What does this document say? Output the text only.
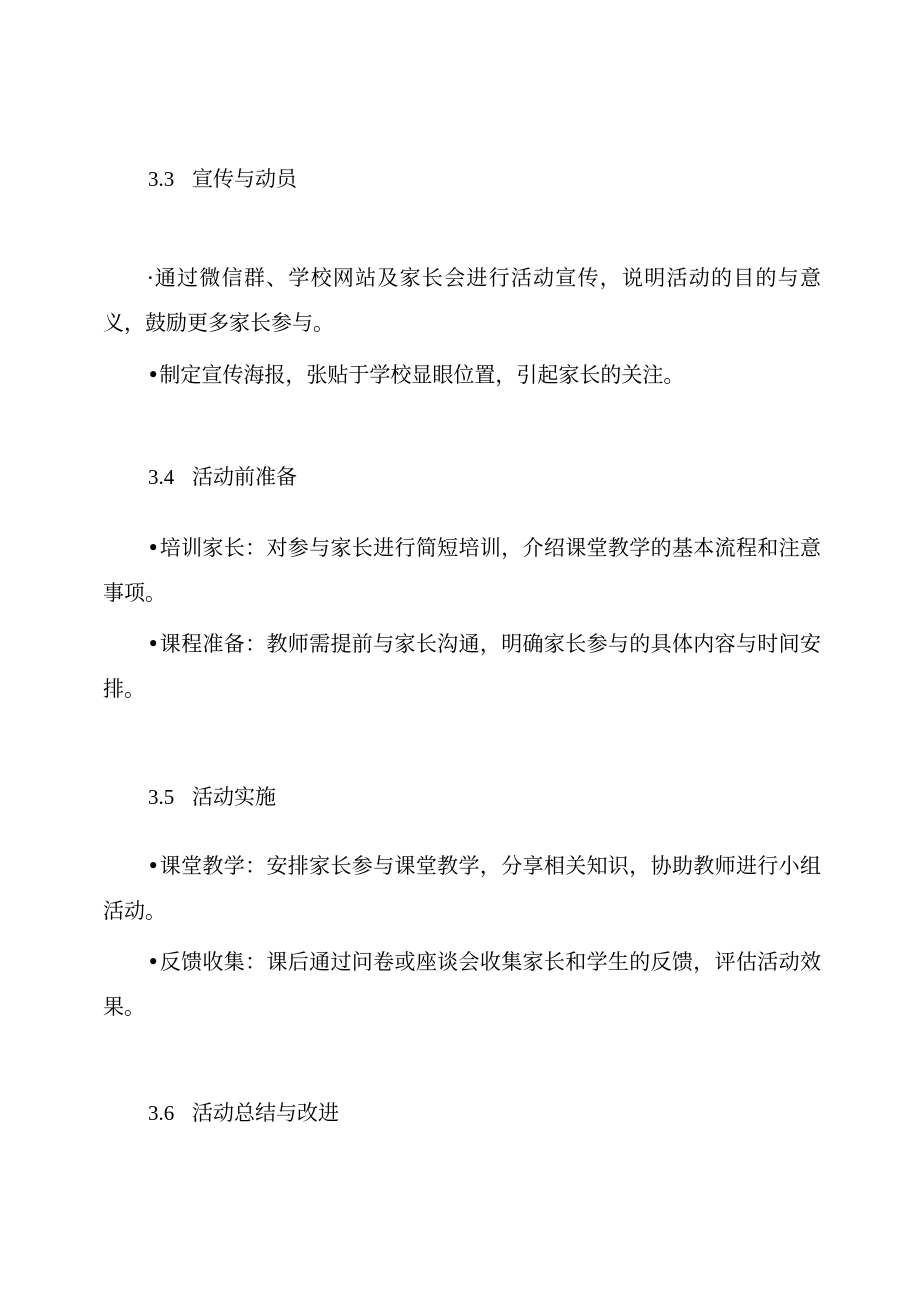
3.3 宣传与动员
·通过微信群、学校网站及家长会进行活动宣传，说明活动的目的与意义，鼓励更多家长参与。
•制定宣传海报，张贴于学校显眼位置，引起家长的关注。
3.4 活动前准备
•培训家长：对参与家长进行简短培训，介绍课堂教学的基本流程和注意事项。
•课程准备：教师需提前与家长沟通，明确家长参与的具体内容与时间安排。
3.5 活动实施
•课堂教学：安排家长参与课堂教学，分享相关知识，协助教师进行小组活动。
•反馈收集：课后通过问卷或座谈会收集家长和学生的反馈，评估活动效果。
3.6 活动总结与改进
